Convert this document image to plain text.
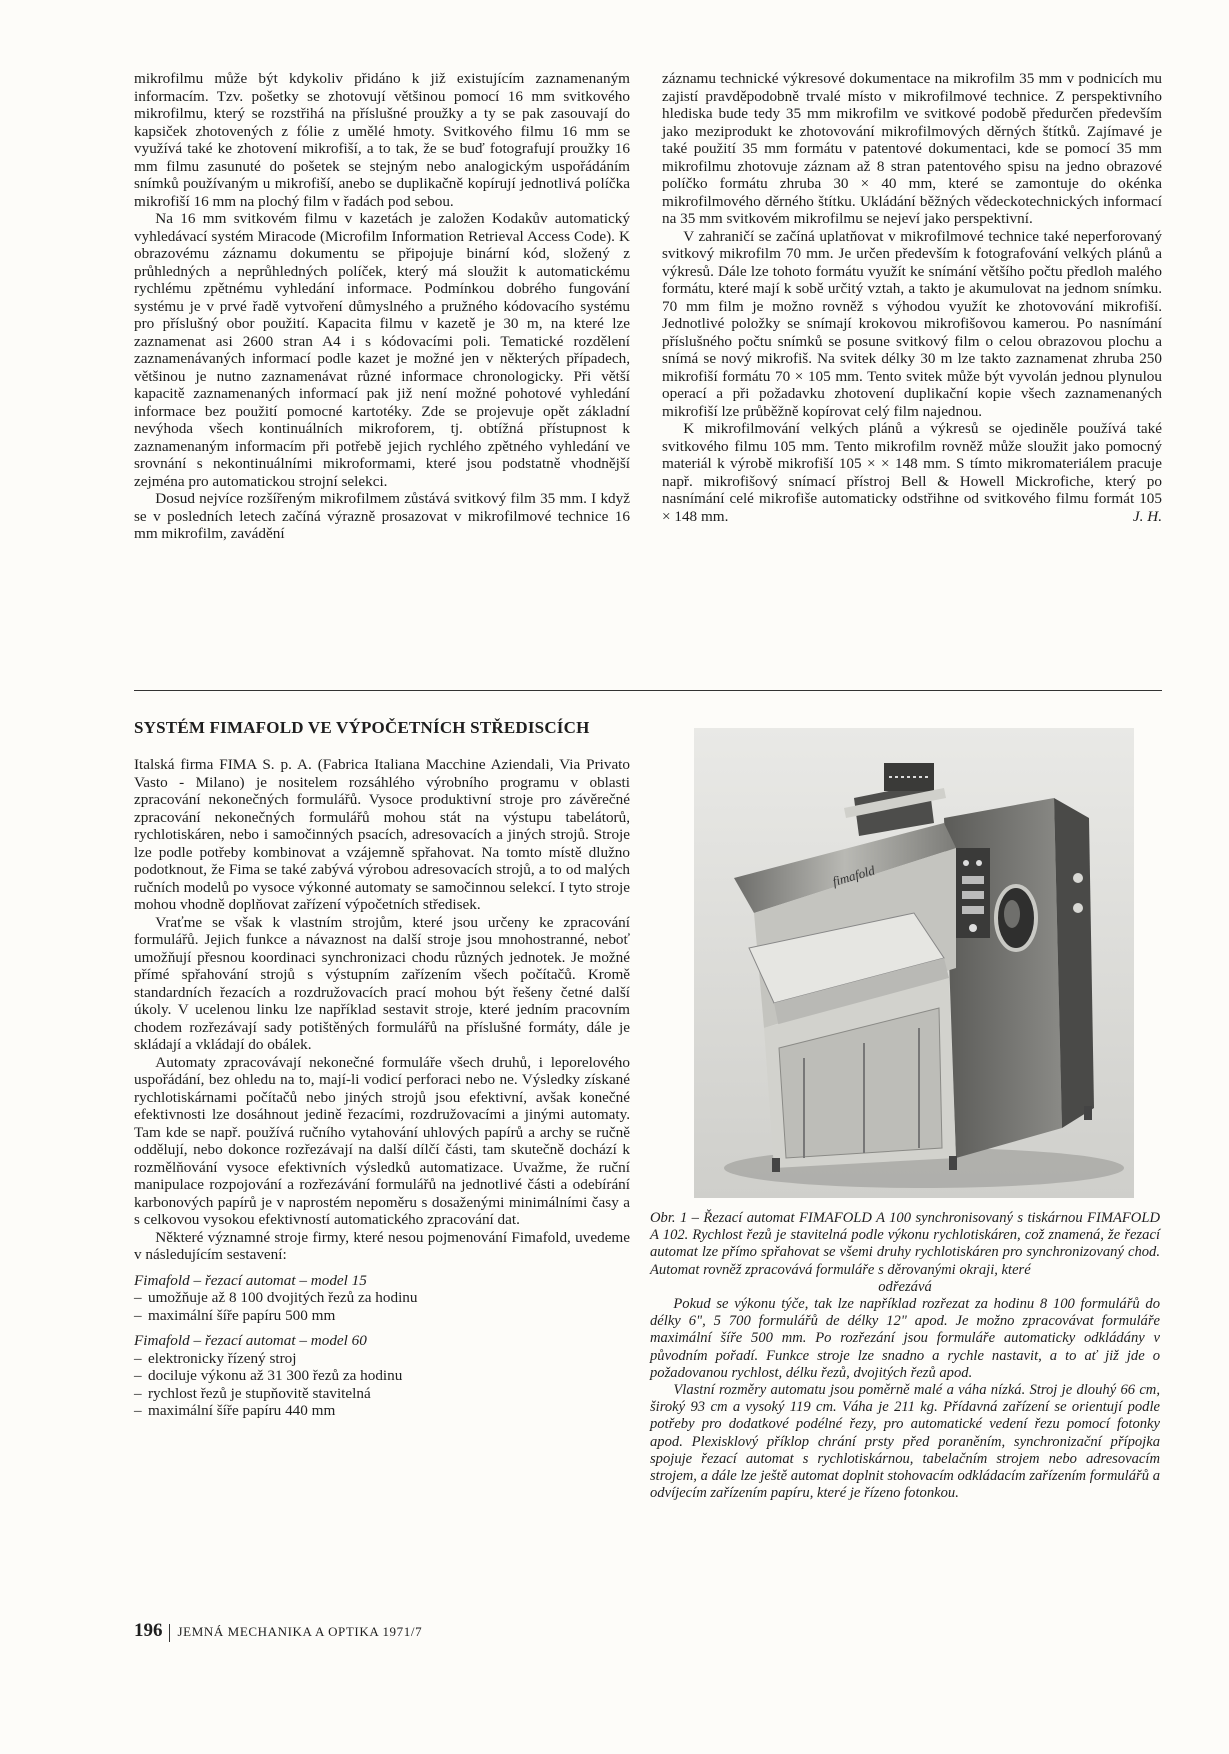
mikrofilmu může být kdykoliv přidáno k již existujícím zaznamenaným informacím. Tzv. pošetky se zhotovují většinou pomocí 16 mm svitkového mikrofilmu, který se rozstřihá na příslušné proužky a ty se pak zasouvají do kapsiček zhotovených z fólie z umělé hmoty. Svitkového filmu 16 mm se využívá také ke zhotovení mikrofiší, a to tak, že se buď fotografují proužky 16 mm filmu zasunuté do pošetek se stejným nebo analogickým uspořádáním snímků používaným u mikrofiší, anebo se duplikačně kopírují jednotlivá políčka mikrofiší 16 mm na plochý film v řadách pod sebou.

Na 16 mm svitkovém filmu v kazetách je založen Kodakův automatický vyhledávací systém Miracode (Microfilm Information Retrieval Access Code). K obrazovému záznamu dokumentu se připojuje binární kód, složený z průhledných a neprůhledných políček, který má sloužit k automatickému rychlému zpětnému vyhledání informace. Podmínkou dobrého fungování systému je v prvé řadě vytvoření důmyslného a pružného kódovacího systému pro příslušný obor použití. Kapacita filmu v kazetě je 30 m, na které lze zaznamenat asi 2600 stran A4 i s kódovacími poli. Tematické rozdělení zaznamenávaných informací podle kazet je možné jen v některých případech, většinou je nutno zaznamenávat různé informace chronologicky. Při větší kapacitě zaznamenaných informací pak již není možné pohotové vyhledání informace bez použití pomocné kartotéky. Zde se projevuje opět základní nevýhoda všech kontinuálních mikroforem, tj. obtížná přístupnost k zaznamenaným informacím při potřebě jejich rychlého zpětného vyhledání ve srovnání s nekontinuálními mikroformami, které jsou podstatně vhodnější zejména pro automatickou strojní selekci.

Dosud nejvíce rozšířeným mikrofilmem zůstává svitkový film 35 mm. I když se v posledních letech začíná výrazně prosazovat v mikrofilmové technice 16 mm mikrofilm, zavádění

záznamu technické výkresové dokumentace na mikrofilm 35 mm v podnicích mu zajistí pravděpodobně trvalé místo v mikrofilmové technice. Z perspektivního hlediska bude tedy 35 mm mikrofilm ve svitkové podobě předurčen především jako meziprodukt ke zhotovování mikrofilmových děrných štítků. Zajímavé je také použití 35 mm formátu v patentové dokumentaci, kde se pomocí 35 mm mikrofilmu zhotovuje záznam až 8 stran patentového spisu na jedno obrazové políčko formátu zhruba 30 × 40 mm, které se zamontuje do okénka mikrofilmového děrného štítku. Ukládání běžných vědeckotechnických informací na 35 mm svitkovém mikrofilmu se nejeví jako perspektivní.

V zahraničí se začíná uplatňovat v mikrofilmové technice také neperforovaný svitkový mikrofilm 70 mm. Je určen především k fotografování velkých plánů a výkresů. Dále lze tohoto formátu využít ke snímání většího počtu předloh malého formátu, které mají k sobě určitý vztah, a takto je akumulovat na jednom snímku. 70 mm film je možno rovněž s výhodou využít ke zhotovování mikrofiší. Jednotlivé položky se snímají krokovou mikrofišovou kamerou. Po nasnímání příslušného počtu snímků se posune svitkový film o celou obrazovou plochu a snímá se nový mikrofiš. Na svitek délky 30 m lze takto zaznamenat zhruba 250 mikrofiší formátu 70 × 105 mm. Tento svitek může být vyvolán jednou plynulou operací a při požadavku zhotovení duplikační kopie všech zaznamenaných mikrofiší lze průběžně kopírovat celý film najednou.

K mikrofilmování velkých plánů a výkresů se ojediněle používá také svitkového filmu 105 mm. Tento mikrofilm rovněž může sloužit jako pomocný materiál k výrobě mikrofiší 105 × × 148 mm. S tímto mikromateriálem pracuje např. mikrofišový snímací přístroj Bell & Howell Mickrofiche, který po nasnímání celé mikrofiše automaticky odstřihne od svitkového filmu formát 105 × 148 mm.	J. H.

SYSTÉM FIMAFOLD VE VÝPOČETNÍCH STŘEDISCÍCH

Italská firma FIMA S. p. A. (Fabrica Italiana Macchine Aziendali, Via Privato Vasto - Milano) je nositelem rozsáhlého výrobního programu v oblasti zpracování nekonečných formulářů. Vysoce produktivní stroje pro závěrečné zpracování nekonečných formulářů mohou stát na výstupu tabelátorů, rychlotiskáren, nebo i samočinných psacích, adresovacích a jiných strojů. Stroje lze podle potřeby kombinovat a vzájemně spřahovat. Na tomto místě dlužno podotknout, že Fima se také zabývá výrobou adresovacích strojů, a to od malých ručních modelů po vysoce výkonné automaty se samočinnou selekcí. I tyto stroje mohou vhodně doplňovat zařízení výpočetních středisek.

Vraťme se však k vlastním strojům, které jsou určeny ke zpracování formulářů. Jejich funkce a návaznost na další stroje jsou mnohostranné, neboť umožňují přesnou koordinaci synchronizaci chodu různých jednotek. Je možné přímé spřahování strojů s výstupním zařízením všech počítačů. Kromě standardních řezacích a rozdružovacích prací mohou být řešeny četné další úkoly. V ucelenou linku lze například sestavit stroje, které jedním pracovním chodem rozřezávají sady potištěných formulářů na příslušné formáty, dále je skládají a vkládají do obálek.

Automaty zpracovávají nekonečné formuláře všech druhů, i leporelového uspořádání, bez ohledu na to, mají-li vodicí perforaci nebo ne. Výsledky získané rychlotiskárnami počítačů nebo jiných strojů jsou efektivní, avšak konečné efektivnosti lze dosáhnout jedině řezacími, rozdružovacími a jinými automaty. Tam kde se např. používá ručního vytahování uhlových papírů a archy se ručně oddělují, nebo dokonce rozřezávají na další dílčí části, tam skutečně dochází k rozmělňování vysoce efektivních výsledků automatizace. Uvažme, že ruční manipulace rozpojování a rozřezávání formulářů na jednotlivé části a odebírání karbonových papírů je v naprostém nepoměru s dosaženými minimálními časy a s celkovou vysokou efektivností automatického zpracování dat.

Některé významné stroje firmy, které nesou pojmenování Fimafold, uvedeme v následujícím sestavení:

Fimafold – řezací automat – model 15

– umožňuje až 8 100 dvojitých řezů za hodinu
– maximální šíře papíru 500 mm

Fimafold – řezací automat – model 60

– elektronicky řízený stroj
– dociluje výkonu až 31 300 řezů za hodinu
– rychlost řezů je stupňovitě stavitelná
– maximální šíře papíru 440 mm
fimafold

Obr. 1 – Řezací automat FIMAFOLD A 100 synchronisovaný s tiskárnou FIMAFOLD A 102. Rychlost řezů je stavitelná podle výkonu rychlotiskáren, což znamená, že řezací automat lze přímo spřahovat se všemi druhy rychlotiskáren pro synchronizovaný chod. Automat rovněž zpracovává formuláře s děrovanými okraji, které

odřezává

Pokud se výkonu týče, tak lze například rozřezat za hodinu 8 100 formulářů do délky 6", 5 700 formulářů de délky 12" apod. Je možno zpracovávat formuláře maximální šíře 500 mm. Po rozřezání jsou formuláře automaticky odkládány v původním pořadí. Funkce stroje lze snadno a rychle nastavit, a to ať již jde o požadovanou rychlost, délku řezů, dvojitých řezů apod.

Vlastní rozměry automatu jsou poměrně malé a váha nízká. Stroj je dlouhý 66 cm, široký 93 cm a vysoký 119 cm. Váha je 211 kg. Přídavná zařízení se orientují podle potřeby pro dodatkové podélné řezy, pro automatické vedení řezu pomocí fotonky apod. Plexisklový příklop chrání prsty před poraněním, synchronizační přípojka spojuje řezací automat s rychlotiskárnou, tabelačním strojem nebo adresovacím strojem, a dále lze ještě automat doplnit stohovacím odkládacím zařízením formulářů a odvíjecím zařízením papíru, které je řízeno fotonkou.

196 JEMNÁ MECHANIKA A OPTIKA 1971/7
